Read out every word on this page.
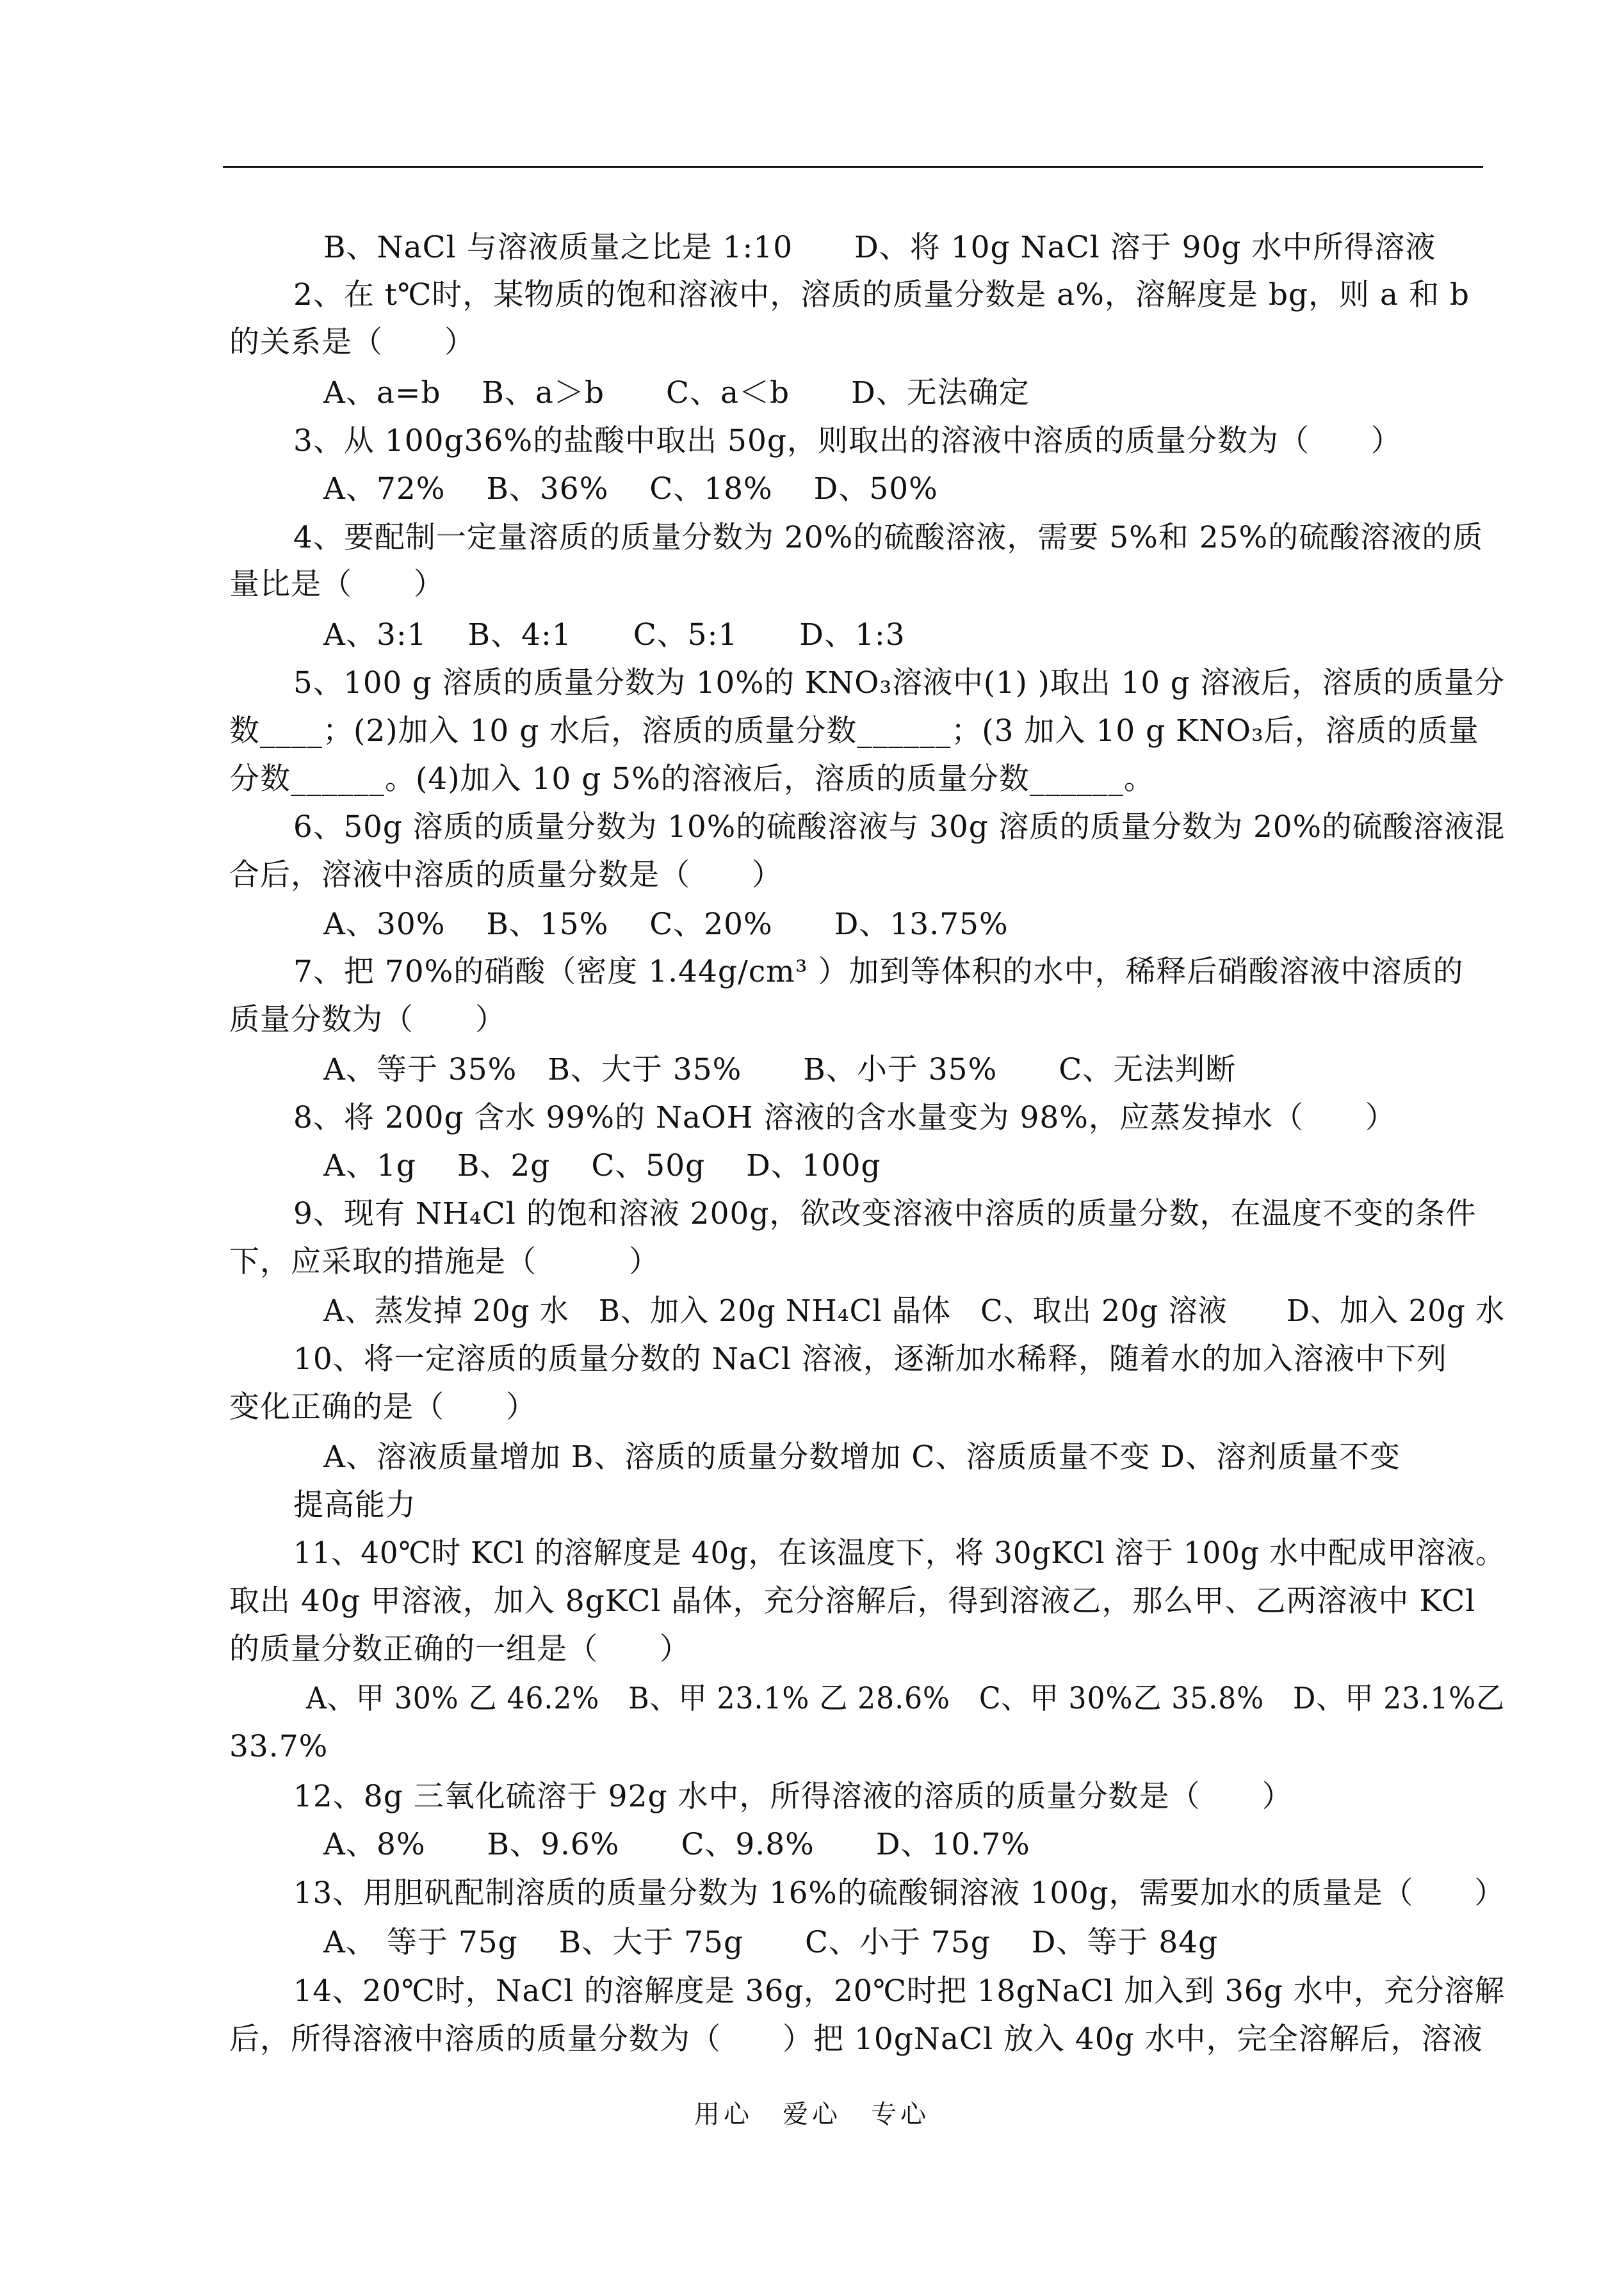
B、NaCl 与溶液质量之比是 1:10　　D、将 10g NaCl 溶于 90g 水中所得溶液
2、在 t℃时，某物质的饱和溶液中，溶质的质量分数是 a%，溶解度是 bg，则 a 和 b
的关系是（　　）
A、a=b　 B、a＞b　　C、a＜b　　D、无法确定
3、从 100g36%的盐酸中取出 50g，则取出的溶液中溶质的质量分数为（　　）
A、72%　 B、36%　 C、18%　 D、50%
4、要配制一定量溶质的质量分数为 20%的硫酸溶液，需要 5%和 25%的硫酸溶液的质
量比是（　　）
A、3:1　 B、4:1　　C、5:1　　D、1:3
5、100 g 溶质的质量分数为 10%的 KNO₃溶液中(1) )取出 10 g 溶液后，溶质的质量分
数____；(2)加入 10 g 水后，溶质的质量分数______；(3 加入 10 g KNO₃后，溶质的质量
分数______。(4)加入 10 g 5%的溶液后，溶质的质量分数______。
6、50g 溶质的质量分数为 10%的硫酸溶液与 30g 溶质的质量分数为 20%的硫酸溶液混
合后，溶液中溶质的质量分数是（　　）
A、30%　 B、15%　 C、20%　　D、13.75%
7、把 70%的硝酸（密度 1.44g/cm³ ）加到等体积的水中，稀释后硝酸溶液中溶质的
质量分数为（　　）
A、等于 35%　B、大于 35%　　B、小于 35%　　C、无法判断
8、将 200g 含水 99%的 NaOH 溶液的含水量变为 98%，应蒸发掉水（　　）
A、1g　 B、2g　 C、50g　 D、100g
9、现有 NH₄Cl 的饱和溶液 200g，欲改变溶液中溶质的质量分数，在温度不变的条件
下，应采取的措施是（　　　）
A、蒸发掉 20g 水　B、加入 20g NH₄Cl 晶体　C、取出 20g 溶液　　D、加入 20g 水
10、将一定溶质的质量分数的 NaCl 溶液，逐渐加水稀释，随着水的加入溶液中下列
变化正确的是（　　）
A、溶液质量增加 B、溶质的质量分数增加 C、溶质质量不变 D、溶剂质量不变
提高能力
11、40℃时 KCl 的溶解度是 40g，在该温度下，将 30gKCl 溶于 100g 水中配成甲溶液。
取出 40g 甲溶液，加入 8gKCl 晶体，充分溶解后，得到溶液乙，那么甲、乙两溶液中 KCl
的质量分数正确的一组是（　　）
A、甲 30% 乙 46.2%　B、甲 23.1% 乙 28.6%　C、甲 30%乙 35.8%　D、甲 23.1%乙
33.7%
12、8g 三氧化硫溶于 92g 水中，所得溶液的溶质的质量分数是（　　）
A、8%　　B、9.6%　　C、9.8%　　D、10.7%
13、用胆矾配制溶质的质量分数为 16%的硫酸铜溶液 100g，需要加水的质量是（　　）
A、 等于 75g　 B、大于 75g　　C、小于 75g　 D、等于 84g
14、20℃时，NaCl 的溶解度是 36g，20℃时把 18gNaCl 加入到 36g 水中，充分溶解
后，所得溶液中溶质的质量分数为（　　）把 10gNaCl 放入 40g 水中，完全溶解后，溶液
用心　爱心　专心
